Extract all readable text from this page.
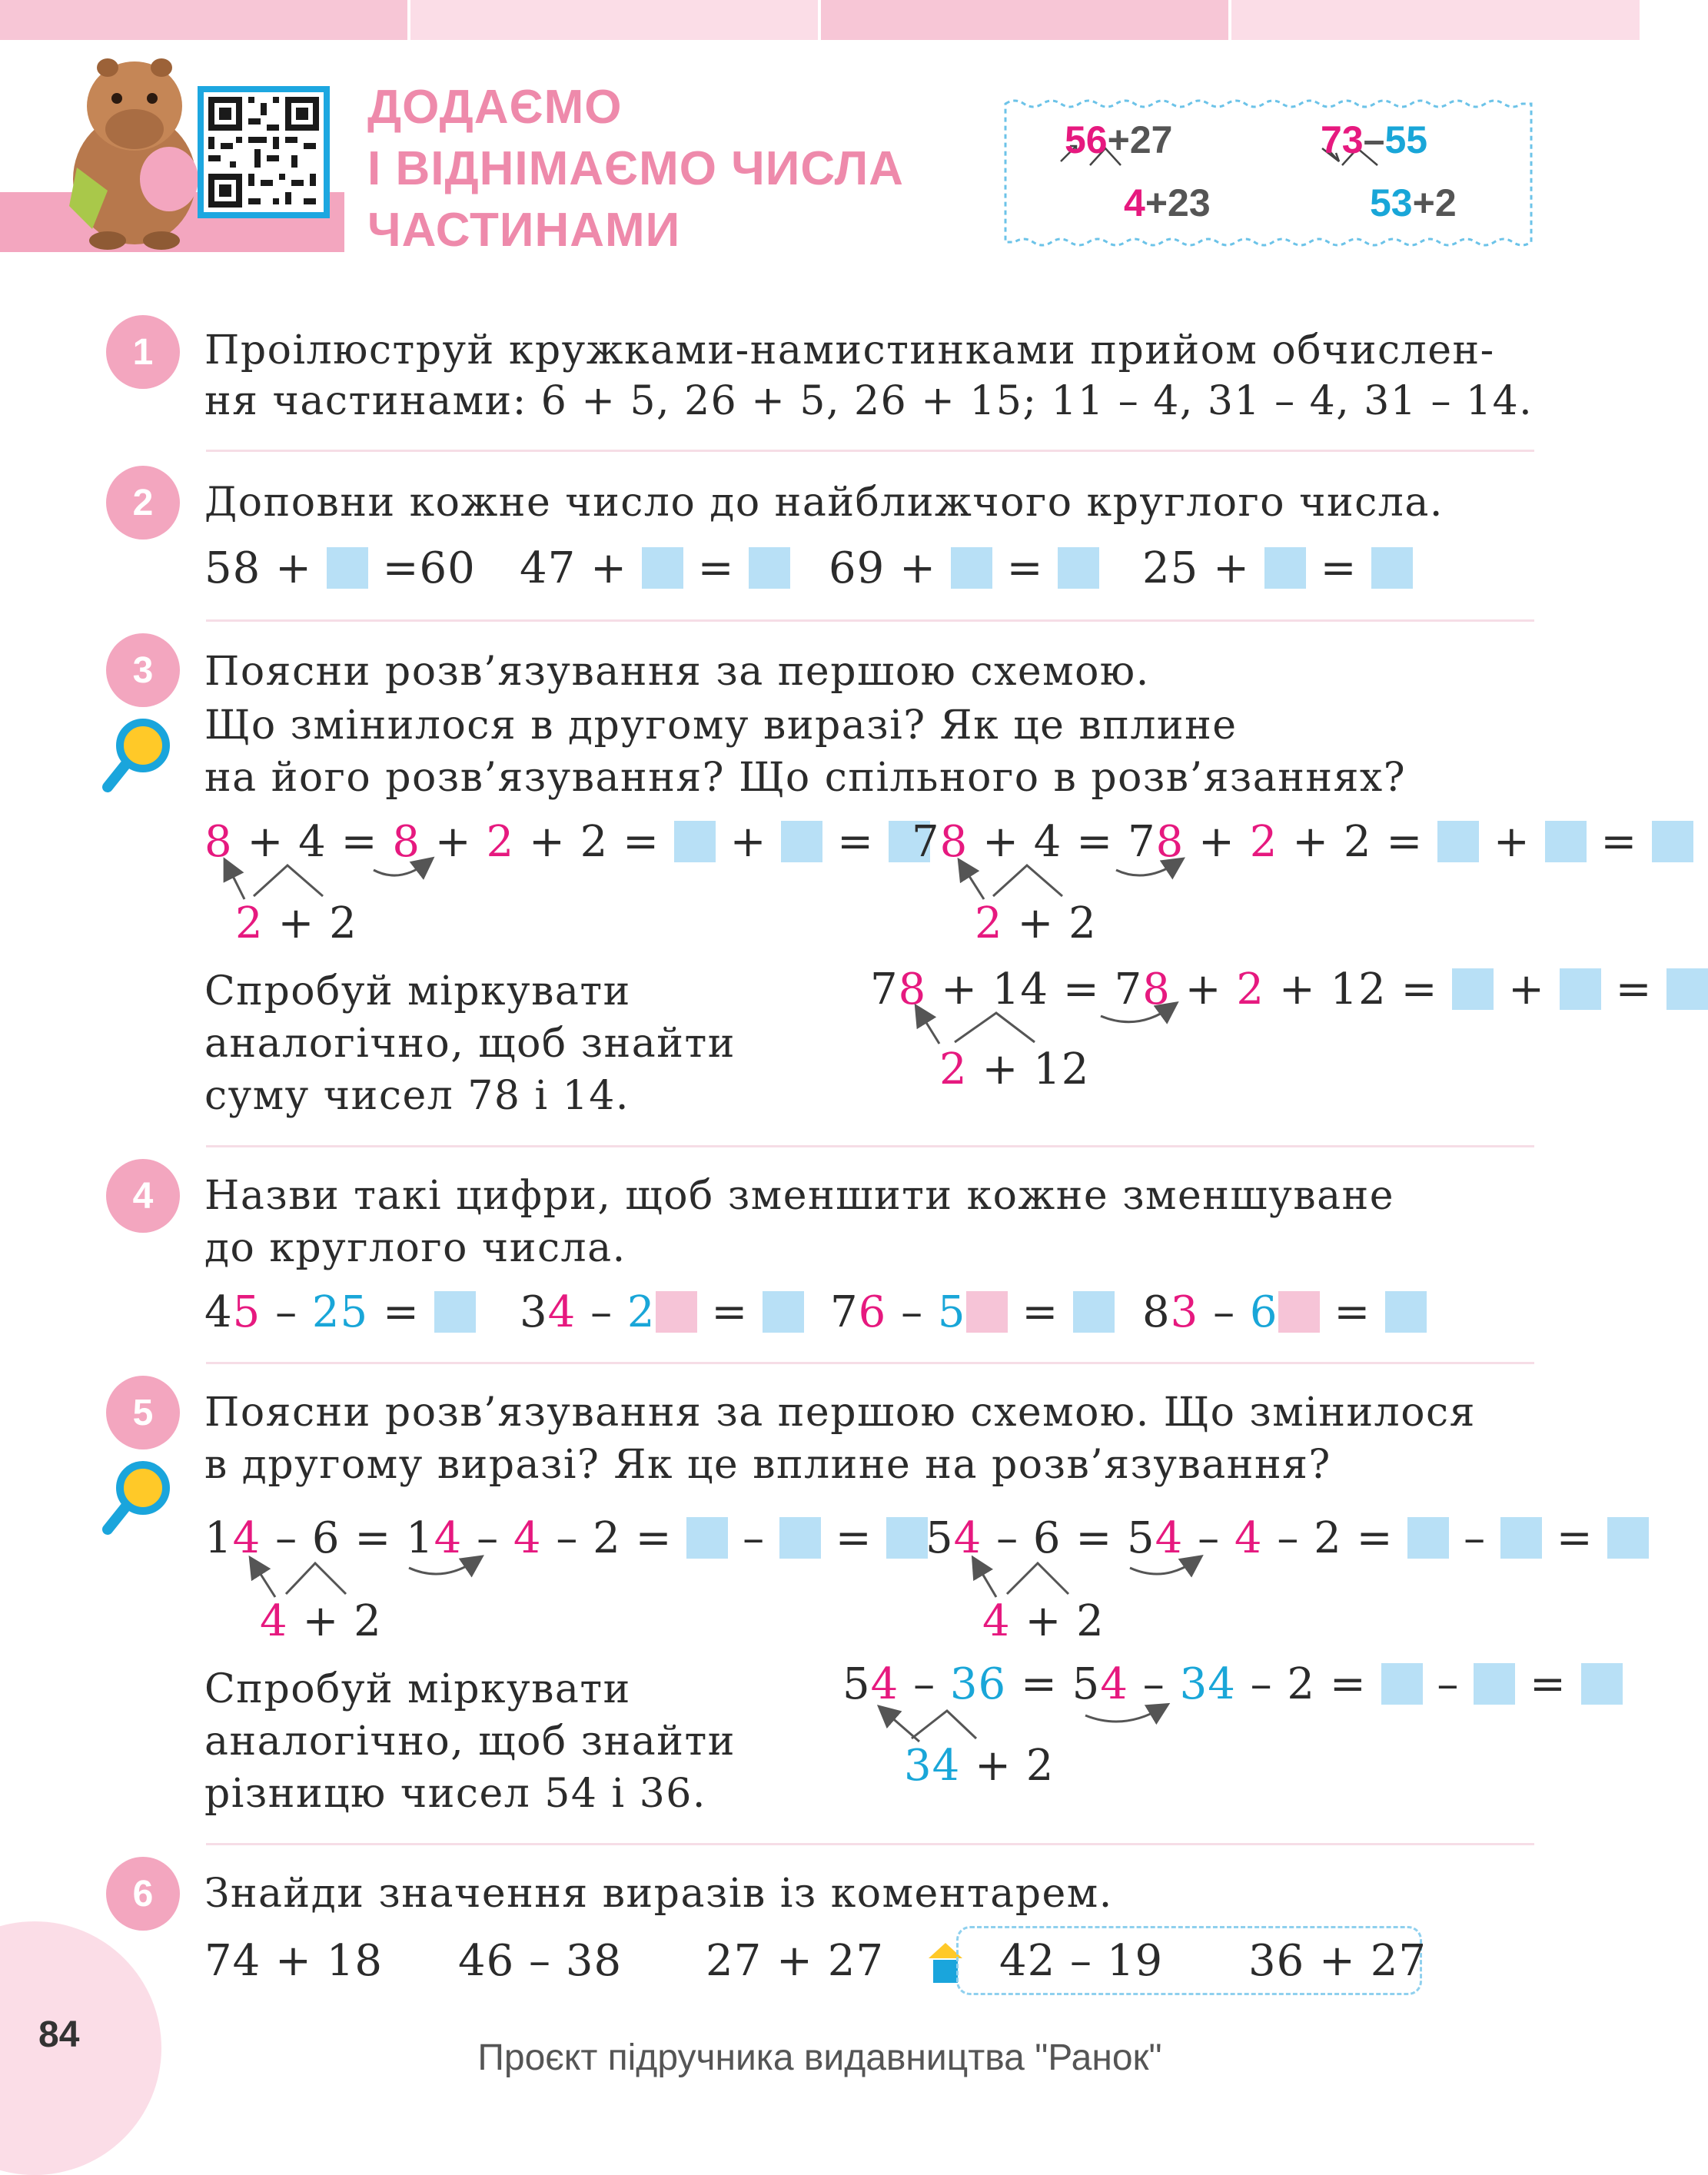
ДОДАЄМО
І ВІДНІМАЄМО ЧИСЛА
ЧАСТИНАМИ
56+27
4+23
73–55
53+2
1	Проілюструй кружками-намистинками прийом обчислен-
ня частинами: 6 + 5, 26 + 5, 26 + 15; 11 – 4, 31 – 4, 31 – 14.
2	Доповни кожне число до найближчого круглого числа.
58 + =60 47 +  =	69 +  =	25 +  =
3	Поясни розв’язування за першою схемою.
Що змінилося в другому виразі? Як це вплине
на його розв’язування? Що спільного в розв’язаннях?
8 + 4 = 8 + 2 + 2 =  +  =
2 + 2
78 + 4 = 78 + 2 + 2 =  +  =
2 + 2
Спробуй міркувати
аналогічно, щоб знайти
суму чисел 78 і 14.
78 + 14 = 78 + 2 + 12 =  +  =
2 + 12
4	Назви такі цифри, щоб зменшити кожне зменшуване
до круглого числа.
45 – 25 =	34 – 2 =	76 – 5 =	83 – 6 =
5	Поясни розв’язування за першою схемою. Що змінилося
в другому виразі? Як це вплине на розв’язування?
14 – 6 = 14 – 4 – 2 =  –  =
4 + 2
54 – 6 = 54 – 4 – 2 =  –  =
4 + 2
Спробуй міркувати
аналогічно, щоб знайти
різницю чисел 54 і 36.
54 – 36 = 54 – 34 – 2 =  –  =
34 + 2
6	Знайди значення виразів із коментарем.
74 + 18 46 – 38 27 + 27	42 – 19 36 + 27
84
Проєкт підручника видавництва "Ранок"
